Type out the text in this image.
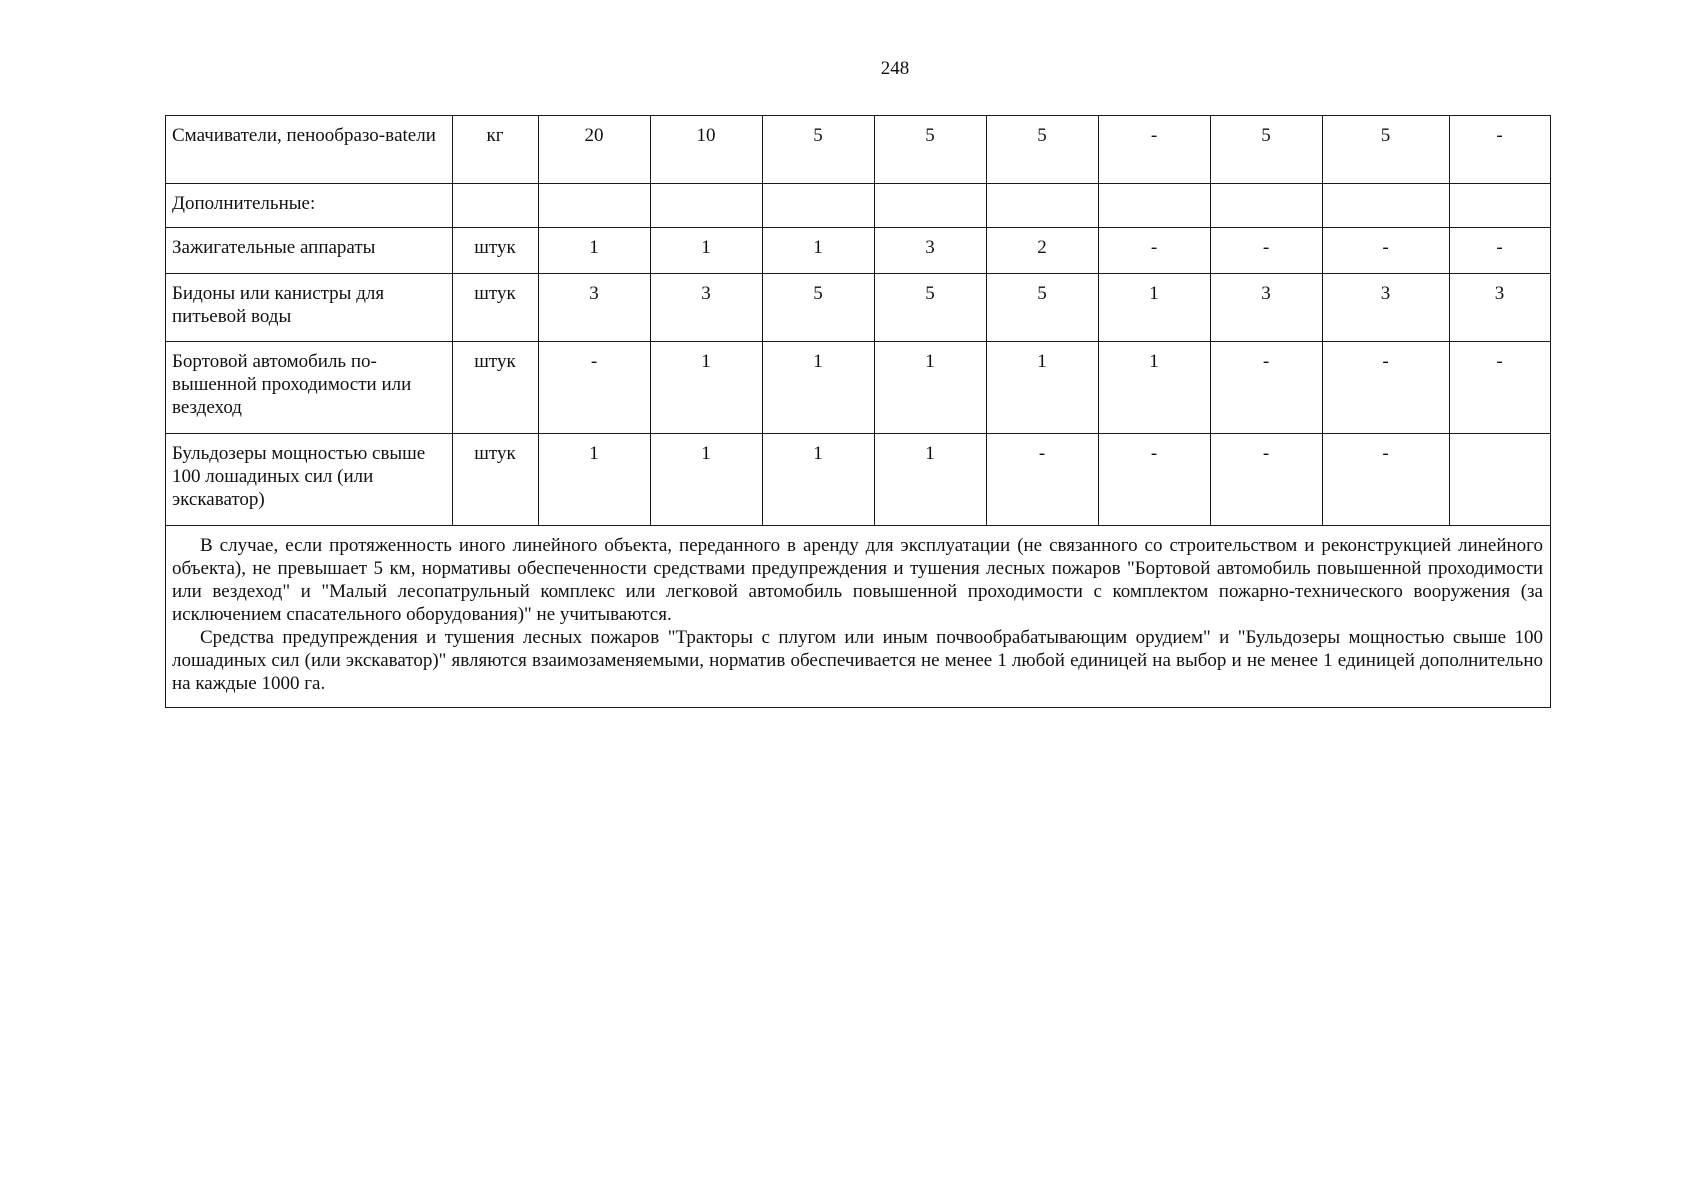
248
Смачиватели, пенообразо-вatели	кг	20	10	5	5	5	-	5	5	-
Дополнительные:										
Зажигательные аппараты	штук	1	1	1	3	2	-	-	-	-
Бидоны или канистры для питьевой воды	штук	3	3	5	5	5	1	3	3	3
Бортовой автомобиль по-вышенной проходимости или вездеход	штук	-	1	1	1	1	1	-	-	-
Бульдозеры мощностью свыше 100 лошадиных сил (или экскаватор)	штук	1	1	1	1	-	-	-	-	

В случае, если протяженность иного линейного объекта, переданного в аренду для эксплуатации (не связанного со строительством и реконструкцией линейного объекта), не превышает 5 км, нормативы обеспеченности средствами предупреждения и тушения лесных пожаров "Бортовой автомобиль повышенной проходимости или вездеход" и "Малый лесопатрульный комплекс или легковой автомобиль повышенной проходимости с комплектом пожарно-технического вооружения (за исключением спасательного оборудования)" не учитываются.

Средства предупреждения и тушения лесных пожаров "Тракторы с плугом или иным почвообрабатывающим орудием" и "Бульдозеры мощностью свыше 100 лошадиных сил (или экскаватор)" являются взаимозаменяемыми, норматив обеспечивается не менее 1 любой единицей на выбор и не менее 1 единицей дополнительно на каждые 1000 га.										
